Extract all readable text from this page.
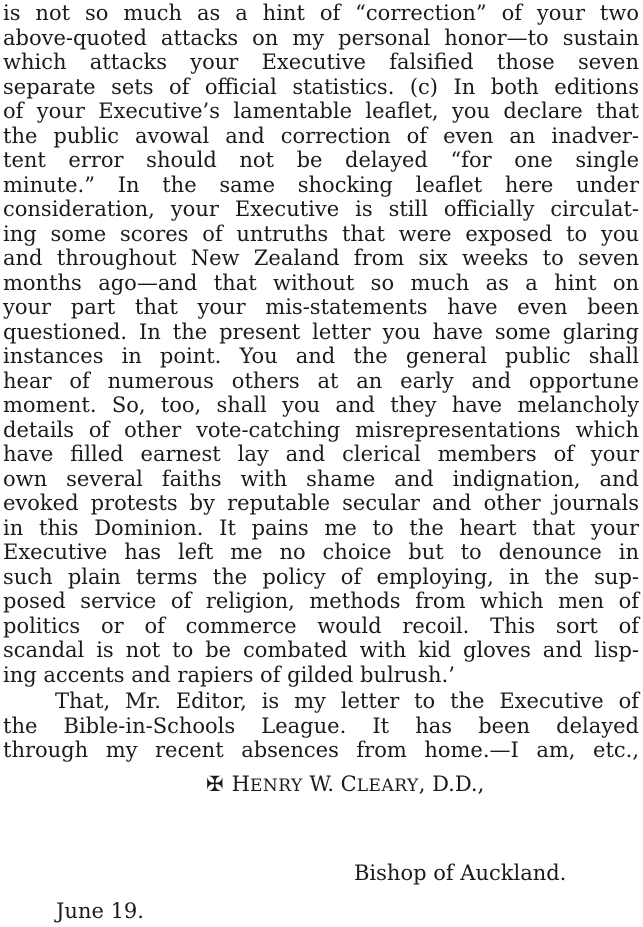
is not so much as a hint of “correction” of your two
above-quoted attacks on my personal honor—to sustain
which attacks your Executive falsified those seven
separate sets of official statistics. (c) In both editions
of your Executive’s lamentable leaflet, you declare that
the public avowal and correction of even an inadver-
tent error should not be delayed “for one single
minute.” In the same shocking leaflet here under
consideration, your Executive is still officially circulat-
ing some scores of untruths that were exposed to you
and throughout New Zealand from six weeks to seven
months ago—and that without so much as a hint on
your part that your mis-statements have even been
questioned. In the present letter you have some glaring
instances in point. You and the general public shall
hear of numerous others at an early and opportune
moment. So, too, shall you and they have melancholy
details of other vote-catching misrepresentations which
have filled earnest lay and clerical members of your
own several faiths with shame and indignation, and
evoked protests by reputable secular and other journals
in this Dominion. It pains me to the heart that your
Executive has left me no choice but to denounce in
such plain terms the policy of employing, in the sup-
posed service of religion, methods from which men of
politics or of commerce would recoil. This sort of
scandal is not to be combated with kid gloves and lisp-
ing accents and rapiers of gilded bulrush.’
That, Mr. Editor, is my letter to the Executive of
the Bible-in-Schools League. It has been delayed
through my recent absences from home.—I am, etc.,
✠ HENRY W. CLEARY, D.D.,
Bishop of Auckland.
June 19.
